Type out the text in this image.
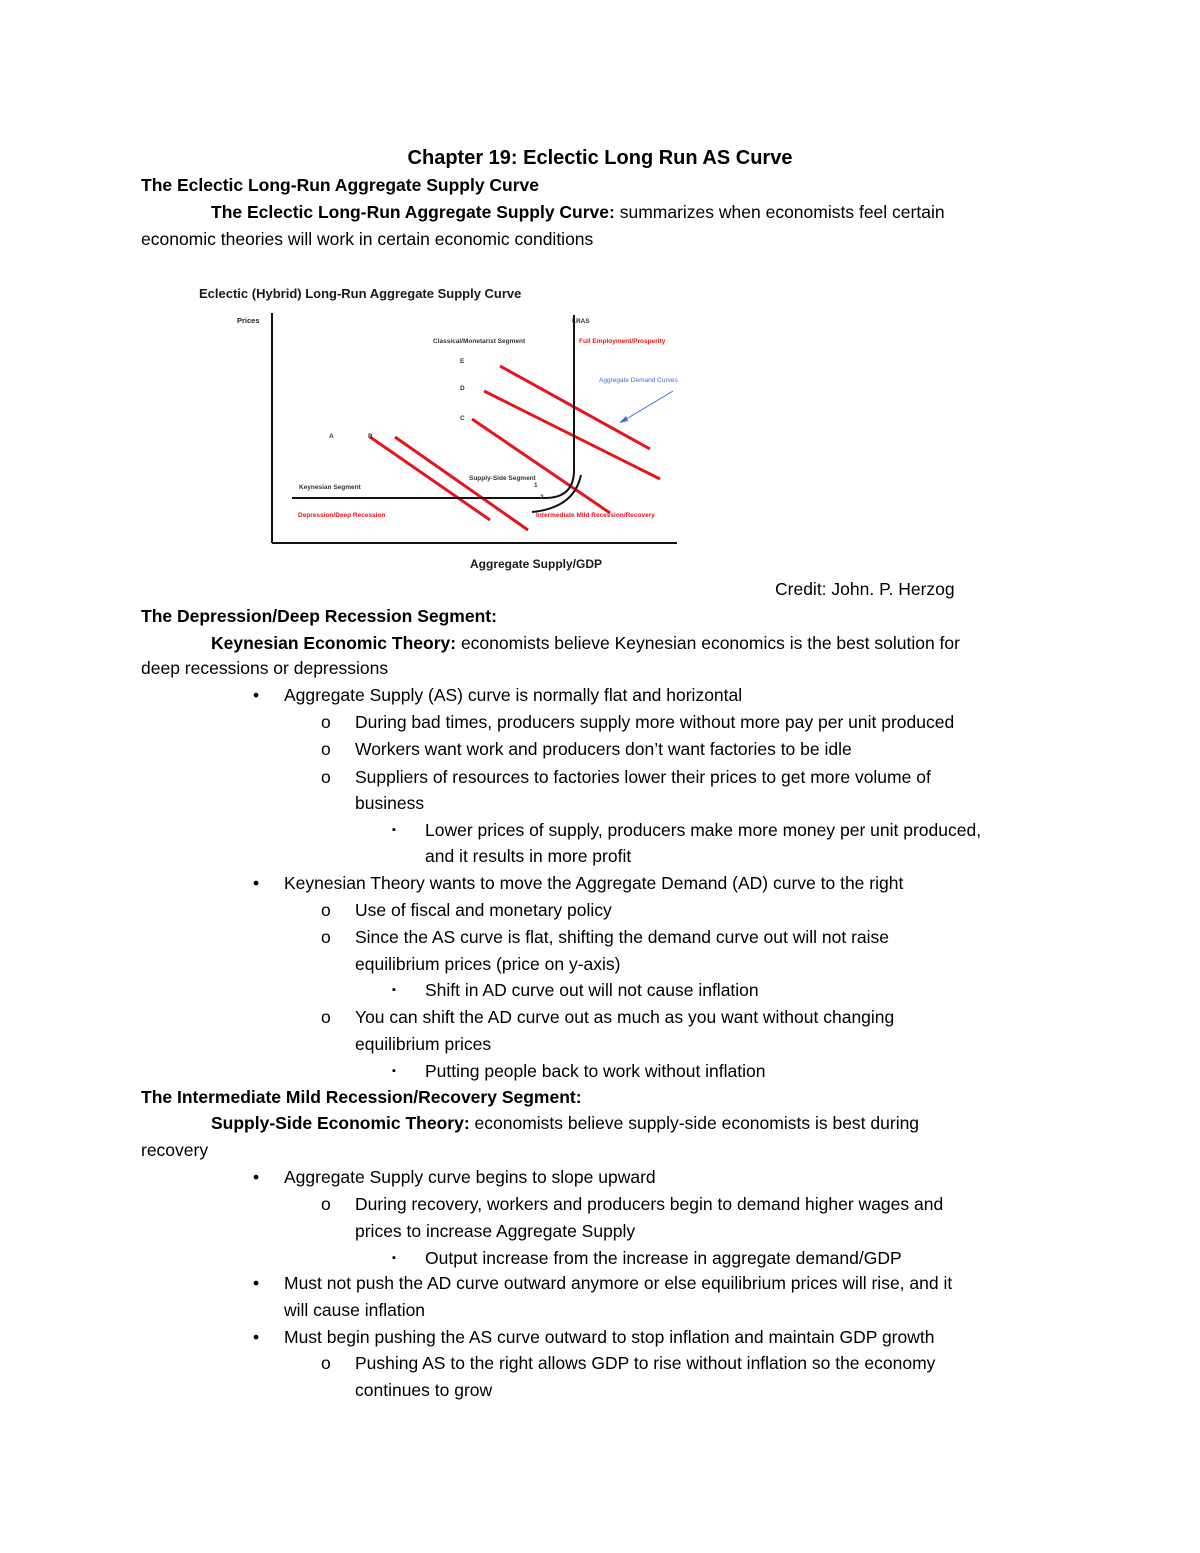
Chapter 19: Eclectic Long Run AS Curve
The Eclectic Long-Run Aggregate Supply Curve
The Eclectic Long-Run Aggregate Supply Curve: summarizes when economists feel certain
economic theories will work in certain economic conditions
Eclectic (Hybrid) Long-Run Aggregate Supply Curve
Prices
Aggregate Supply/GDP
LRAS
Classical/Monetarist Segment	Full Employment/Prosperity
Aggregate Demand Curves
Supply-Side Segment
Keynesian Segment
Depression/Deep Recession	Intermediate Mild Recession/Recovery
A	B
C
D
E
1
2
Credit: John. P. Herzog
The Depression/Deep Recession Segment:
Keynesian Economic Theory: economists believe Keynesian economics is the best solution for
deep recessions or depressions
• Aggregate Supply (AS) curve is normally flat and horizontal
o During bad times, producers supply more without more pay per unit produced
o Workers want work and producers don’t want factories to be idle
o Suppliers of resources to factories lower their prices to get more volume of
business
▪ Lower prices of supply, producers make more money per unit produced,
and it results in more profit
• Keynesian Theory wants to move the Aggregate Demand (AD) curve to the right
o Use of fiscal and monetary policy
o Since the AS curve is flat, shifting the demand curve out will not raise
equilibrium prices (price on y-axis)
▪ Shift in AD curve out will not cause inflation
o You can shift the AD curve out as much as you want without changing
equilibrium prices
▪ Putting people back to work without inflation
The Intermediate Mild Recession/Recovery Segment:
Supply-Side Economic Theory: economists believe supply-side economists is best during
recovery
• Aggregate Supply curve begins to slope upward
o During recovery, workers and producers begin to demand higher wages and
prices to increase Aggregate Supply
▪ Output increase from the increase in aggregate demand/GDP
• Must not push the AD curve outward anymore or else equilibrium prices will rise, and it
will cause inflation
• Must begin pushing the AS curve outward to stop inflation and maintain GDP growth
o Pushing AS to the right allows GDP to rise without inflation so the economy
continues to grow
